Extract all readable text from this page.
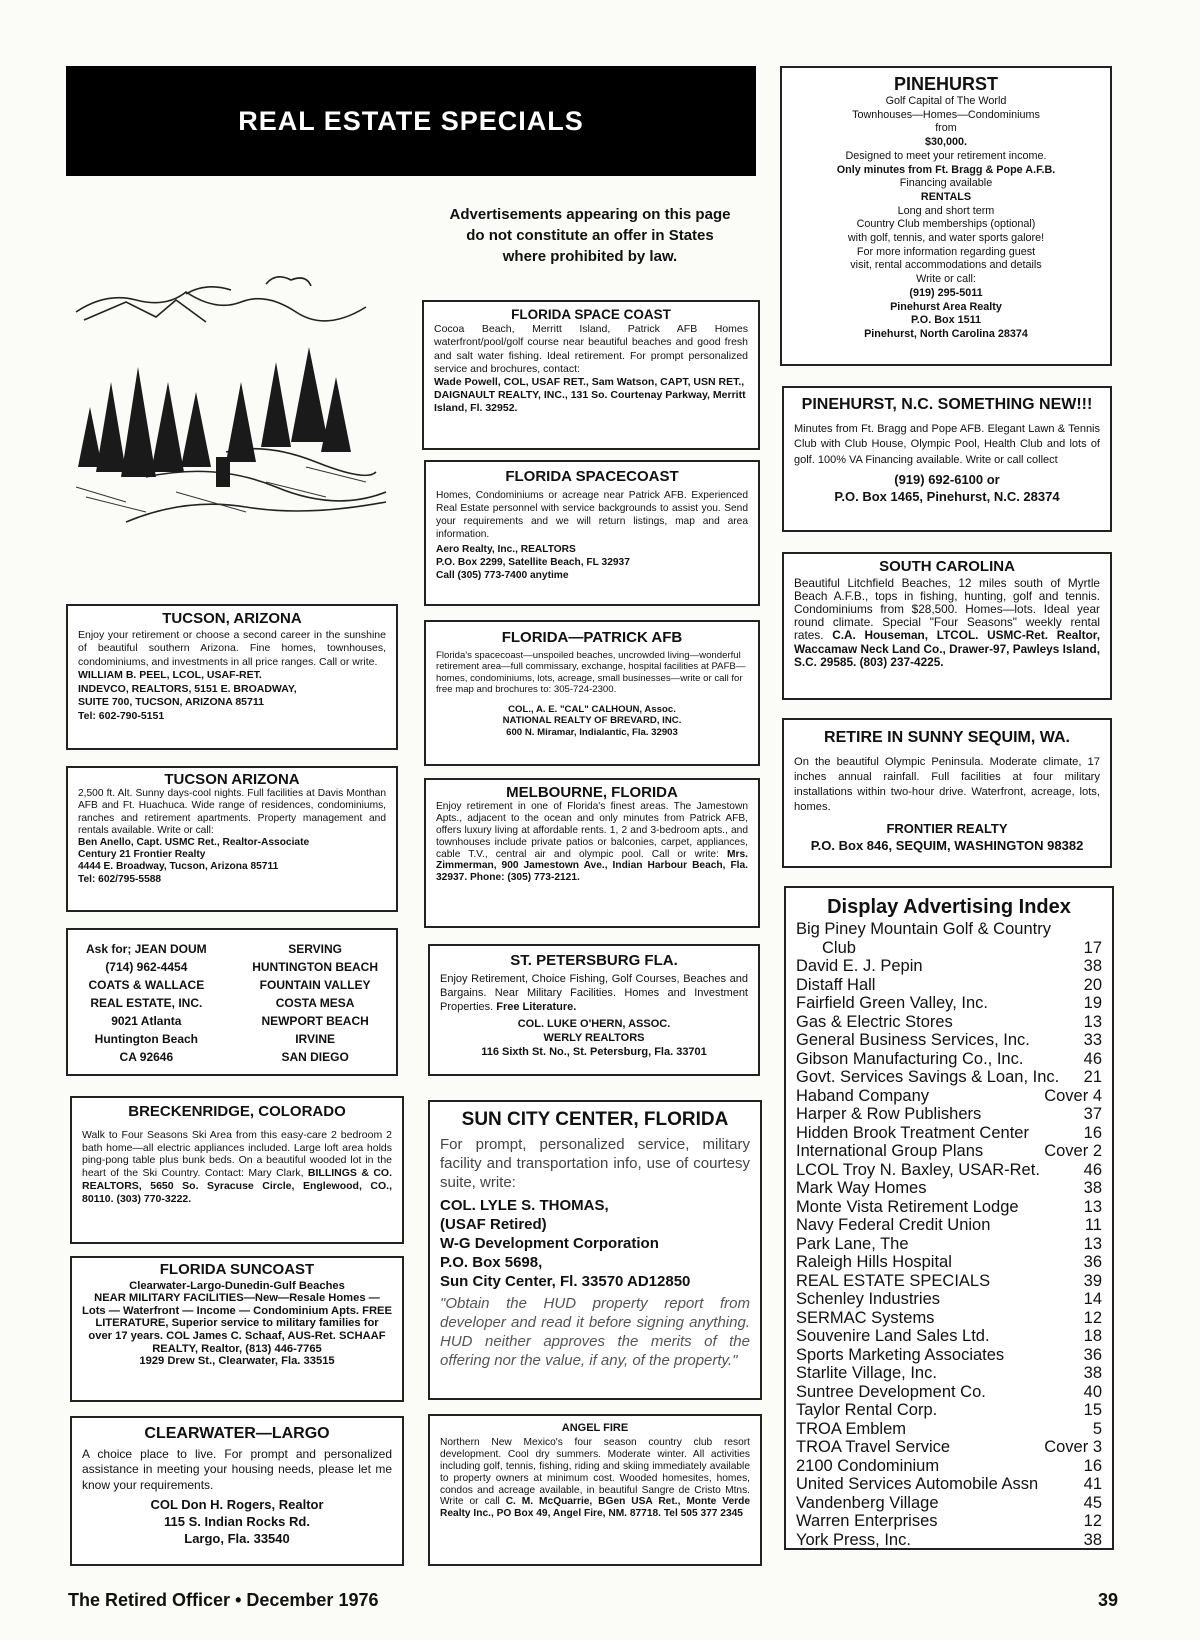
REAL ESTATE SPECIALS
Advertisements appearing on this page
do not constitute an offer in States
where prohibited by law.
TUCSON, ARIZONA
Enjoy your retirement or choose a second career in the sunshine of beautiful southern Arizona. Fine homes, townhouses, condominiums, and investments in all price ranges. Call or write.
WILLIAM B. PEEL, LCOL, USAF-RET.
INDEVCO, REALTORS, 5151 E. BROADWAY,
SUITE 700, TUCSON, ARIZONA 85711
Tel: 602-790-5151
TUCSON ARIZONA
2,500 ft. Alt. Sunny days-cool nights. Full facilities at Davis Monthan AFB and Ft. Huachuca. Wide range of residences, condominiums, ranches and retirement apartments. Property management and rentals available. Write or call:
Ben Anello, Capt. USMC Ret., Realtor-Associate
Century 21 Frontier Realty
4444 E. Broadway, Tucson, Arizona 85711
Tel: 602/795-5588
Ask for; JEAN DOUM
(714) 962-4454
COATS & WALLACE
REAL ESTATE, INC.
9021 Atlanta
Huntington Beach
CA 92646
SERVING
HUNTINGTON BEACH
FOUNTAIN VALLEY
COSTA MESA
NEWPORT BEACH
IRVINE
SAN DIEGO
BRECKENRIDGE, COLORADO
Walk to Four Seasons Ski Area from this easy-care 2 bedroom 2 bath home—all electric appliances included. Large loft area holds ping-pong table plus bunk beds. On a beautiful wooded lot in the heart of the Ski Country. Contact: Mary Clark, BILLINGS & CO. REALTORS, 5650 So. Syracuse Circle, Englewood, CO., 80110. (303) 770-3222.
FLORIDA SUNCOAST
Clearwater-Largo-Dunedin-Gulf Beaches
NEAR MILITARY FACILITIES—New—Resale Homes — Lots — Waterfront — Income — Condominium Apts. FREE LITERATURE, Superior service to military families for over 17 years. COL James C. Schaaf, AUS-Ret. SCHAAF REALTY, Realtor, (813) 446-7765
1929 Drew St., Clearwater, Fla. 33515
CLEARWATER—LARGO
A choice place to live. For prompt and personalized assistance in meeting your housing needs, please let me know your requirements.
COL Don H. Rogers, Realtor
115 S. Indian Rocks Rd.
Largo, Fla. 33540
FLORIDA SPACE COAST
Cocoa Beach, Merritt Island, Patrick AFB Homes waterfront/pool/golf course near beautiful beaches and good fresh and salt water fishing. Ideal retirement. For prompt personalized service and brochures, contact:
Wade Powell, COL, USAF RET., Sam Watson, CAPT, USN RET., DAIGNAULT REALTY, INC., 131 So. Courtenay Parkway, Merritt Island, Fl. 32952.
FLORIDA SPACECOAST
Homes, Condominiums or acreage near Patrick AFB. Experienced Real Estate personnel with service backgrounds to assist you. Send your requirements and we will return listings, map and area information.
Aero Realty, Inc., REALTORS
P.O. Box 2299, Satellite Beach, FL 32937
Call (305) 773-7400 anytime
FLORIDA—PATRICK AFB
Florida's spacecoast—unspoiled beaches, uncrowded living—wonderful retirement area—full commissary, exchange, hospital facilities at PAFB—homes, condominiums, lots, acreage, small businesses—write or call for free map and brochures to: 305-724-2300.
COL., A. E. "CAL" CALHOUN, Assoc.
NATIONAL REALTY OF BREVARD, INC.
600 N. Miramar, Indialantic, Fla. 32903
MELBOURNE, FLORIDA
Enjoy retirement in one of Florida's finest areas. The Jamestown Apts., adjacent to the ocean and only minutes from Patrick AFB, offers luxury living at affordable rents. 1, 2 and 3-bedroom apts., and townhouses include private patios or balconies, carpet, appliances, cable T.V., central air and olympic pool. Call or write: Mrs. Zimmerman, 900 Jamestown Ave., Indian Harbour Beach, Fla. 32937. Phone: (305) 773-2121.
ST. PETERSBURG FLA.
Enjoy Retirement, Choice Fishing, Golf Courses, Beaches and Bargains. Near Military Facilities. Homes and Investment Properties. Free Literature.
COL. LUKE O'HERN, ASSOC.
WERLY REALTORS
116 Sixth St. No., St. Petersburg, Fla. 33701
SUN CITY CENTER, FLORIDA
For prompt, personalized service, military facility and transportation info, use of courtesy suite, write:
COL. LYLE S. THOMAS,
(USAF Retired)
W-G Development Corporation
P.O. Box 5698,
Sun City Center, Fl. 33570 AD12850
"Obtain the HUD property report from developer and read it before signing anything. HUD neither approves the merits of the offering nor the value, if any, of the property."
ANGEL FIRE
Northern New Mexico's four season country club resort development. Cool dry summers. Moderate winter. All activities including golf, tennis, fishing, riding and skiing immediately available to property owners at minimum cost. Wooded homesites, homes, condos and acreage available, in beautiful Sangre de Cristo Mtns. Write or call C. M. McQuarrie, BGen USA Ret., Monte Verde Realty Inc., PO Box 49, Angel Fire, NM. 87718. Tel 505 377 2345
PINEHURST
Golf Capital of The World
Townhouses—Homes—Condominiums
from
$30,000.
Designed to meet your retirement income.
Only minutes from Ft. Bragg & Pope A.F.B.
Financing available
RENTALS
Long and short term
Country Club memberships (optional)
with golf, tennis, and water sports galore!
For more information regarding guest
visit, rental accommodations and details
Write or call:
(919) 295-5011
Pinehurst Area Realty
P.O. Box 1511
Pinehurst, North Carolina 28374
PINEHURST, N.C. SOMETHING NEW!!!
Minutes from Ft. Bragg and Pope AFB. Elegant Lawn & Tennis Club with Club House, Olympic Pool, Health Club and lots of golf. 100% VA Financing available. Write or call collect
(919) 692-6100 or
P.O. Box 1465, Pinehurst, N.C. 28374
SOUTH CAROLINA
Beautiful Litchfield Beaches, 12 miles south of Myrtle Beach A.F.B., tops in fishing, hunting, golf and tennis. Condominiums from $28,500. Homes—lots. Ideal year round climate. Special "Four Seasons" weekly rental rates. C.A. Houseman, LTCOL. USMC-Ret. Realtor, Waccamaw Neck Land Co., Drawer-97, Pawleys Island, S.C. 29585. (803) 237-4225.
RETIRE IN SUNNY SEQUIM, WA.
On the beautiful Olympic Peninsula. Moderate climate, 17 inches annual rainfall. Full facilities at four military installations within two-hour drive. Waterfront, acreage, lots, homes.
FRONTIER REALTY
P.O. Box 846, SEQUIM, WASHINGTON 98382
Display Advertising Index
Big Piney Mountain Golf & Country
Club	17
David E. J. Pepin	38
Distaff Hall	20
Fairfield Green Valley, Inc.	19
Gas & Electric Stores	13
General Business Services, Inc.	33
Gibson Manufacturing Co., Inc.	46
Govt. Services Savings & Loan, Inc. 21
Haband Company	Cover 4
Harper & Row Publishers	37
Hidden Brook Treatment Center	16
International Group Plans	Cover 2
LCOL Troy N. Baxley, USAR-Ret.	46
Mark Way Homes	38
Monte Vista Retirement Lodge	13
Navy Federal Credit Union	11
Park Lane, The	13
Raleigh Hills Hospital	36
REAL ESTATE SPECIALS	39
Schenley Industries	14
SERMAC Systems	12
Souvenire Land Sales Ltd.	18
Sports Marketing Associates	36
Starlite Village, Inc.	38
Suntree Development Co.	40
Taylor Rental Corp.	15
TROA Emblem	5
TROA Travel Service	Cover 3
2100 Condominium	16
United Services Automobile Assn	41
Vandenberg Village	45
Warren Enterprises	12
York Press, Inc.	38
The Retired Officer • December 1976	39
